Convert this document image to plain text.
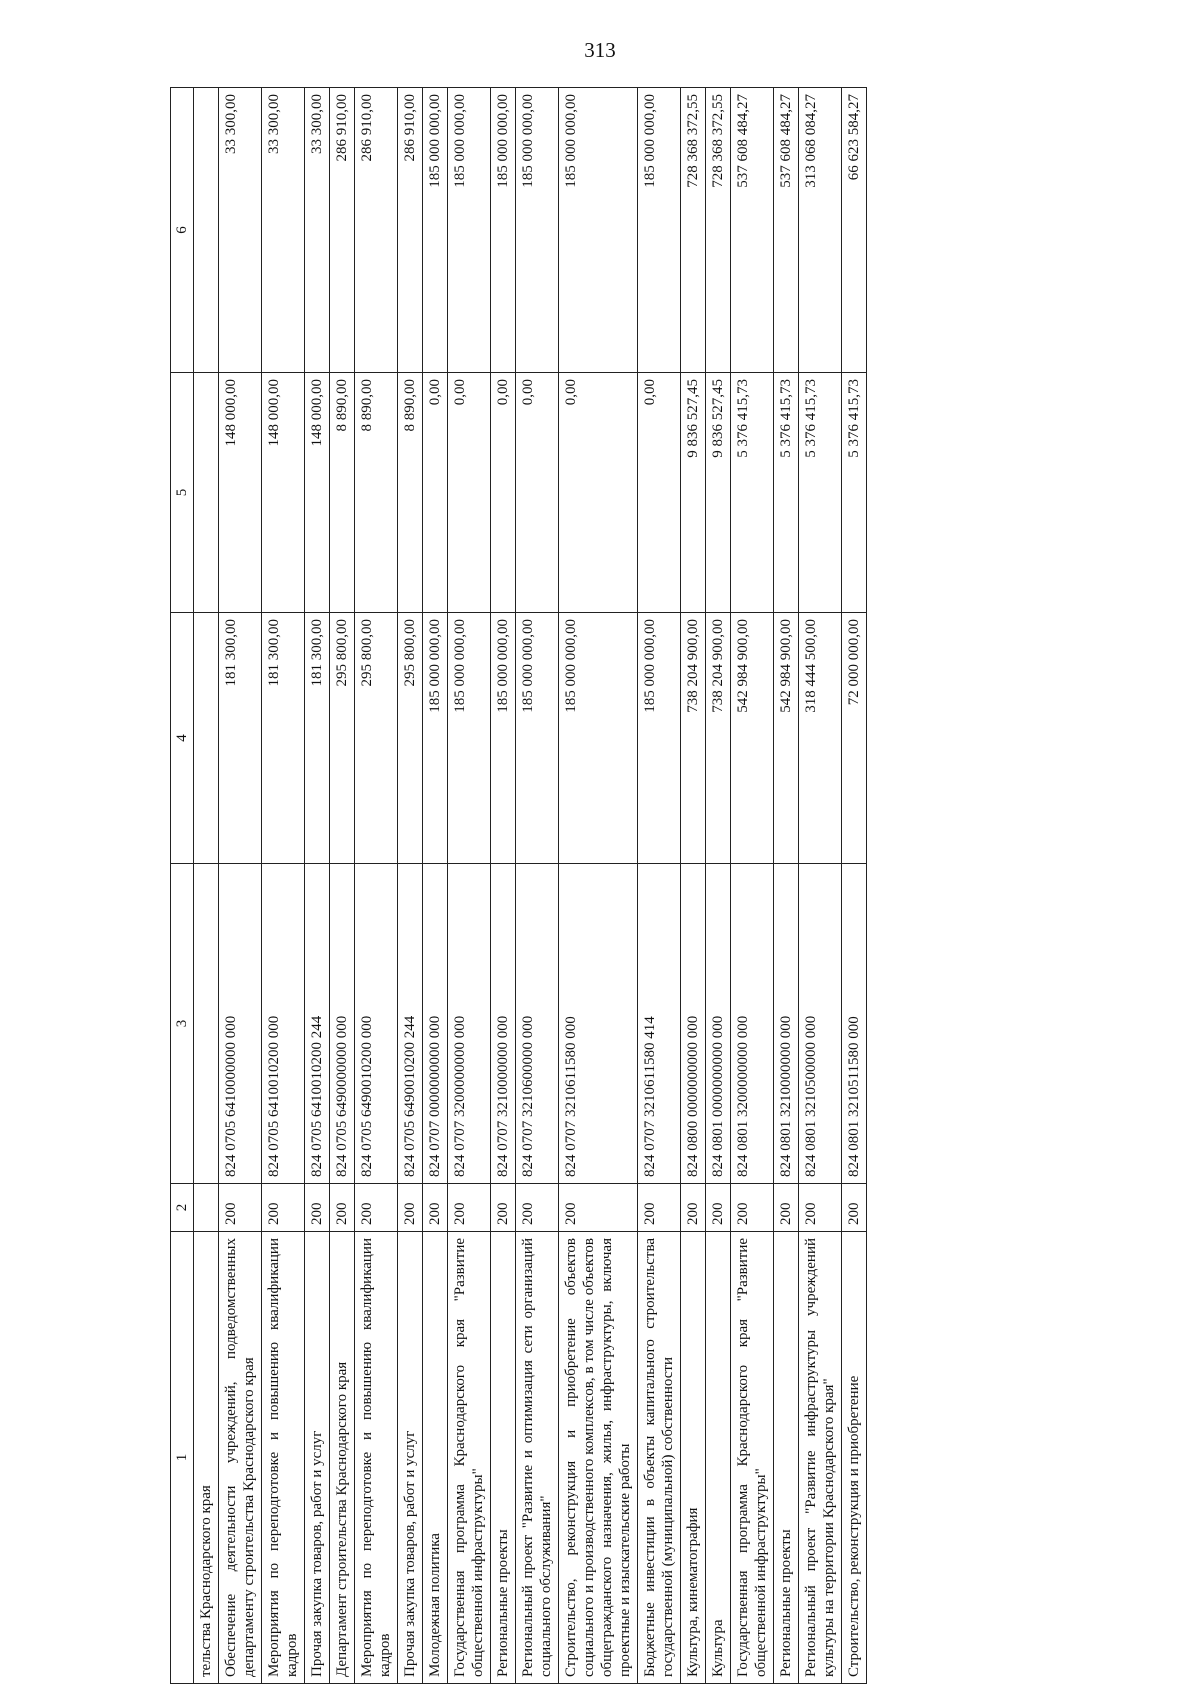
313
1	2	3	4	5	6
тельства Краснодарского края					
Обеспечение деятельности учреждений, подведомственных департаменту строительства Краснодарского края	200	824 0705 6410000000 000	181 300,00	148 000,00	33 300,00
Мероприятия по переподготовке и повышению квалификации кадров	200	824 0705 6410010200 000	181 300,00	148 000,00	33 300,00
Прочая закупка товаров, работ и услуг	200	824 0705 6410010200 244	181 300,00	148 000,00	33 300,00
Департамент строительства Краснодарского края	200	824 0705 6490000000 000	295 800,00	8 890,00	286 910,00
Мероприятия по переподготовке и повышению квалификации кадров	200	824 0705 6490010200 000	295 800,00	8 890,00	286 910,00
Прочая закупка товаров, работ и услуг	200	824 0705 6490010200 244	295 800,00	8 890,00	286 910,00
Молодежная политика	200	824 0707 0000000000 000	185 000 000,00	0,00	185 000 000,00
Государственная программа Краснодарского края "Развитие общественной инфраструктуры"	200	824 0707 3200000000 000	185 000 000,00	0,00	185 000 000,00
Региональные проекты	200	824 0707 3210000000 000	185 000 000,00	0,00	185 000 000,00
Региональный проект "Развитие и оптимизация сети организаций социального обслуживания"	200	824 0707 3210600000 000	185 000 000,00	0,00	185 000 000,00
Строительство, реконструкция и приобретение объектов социального и производственного комплексов, в том числе объектов общегражданского назначения, жилья, инфраструктуры, включая проектные и изыскательские работы	200	824 0707 3210611580 000	185 000 000,00	0,00	185 000 000,00
Бюджетные инвестиции в объекты капитального строительства государственной (муниципальной) собственности	200	824 0707 3210611580 414	185 000 000,00	0,00	185 000 000,00
Культура, кинематография	200	824 0800 0000000000 000	738 204 900,00	9 836 527,45	728 368 372,55
Культура	200	824 0801 0000000000 000	738 204 900,00	9 836 527,45	728 368 372,55
Государственная программа Краснодарского края "Развитие общественной инфраструктуры"	200	824 0801 3200000000 000	542 984 900,00	5 376 415,73	537 608 484,27
Региональные проекты	200	824 0801 3210000000 000	542 984 900,00	5 376 415,73	537 608 484,27
Региональный проект "Развитие инфраструктуры учреждений культуры на территории Краснодарского края"	200	824 0801 3210500000 000	318 444 500,00	5 376 415,73	313 068 084,27
Строительство, реконструкция и приобретение	200	824 0801 3210511580 000	72 000 000,00	5 376 415,73	66 623 584,27
